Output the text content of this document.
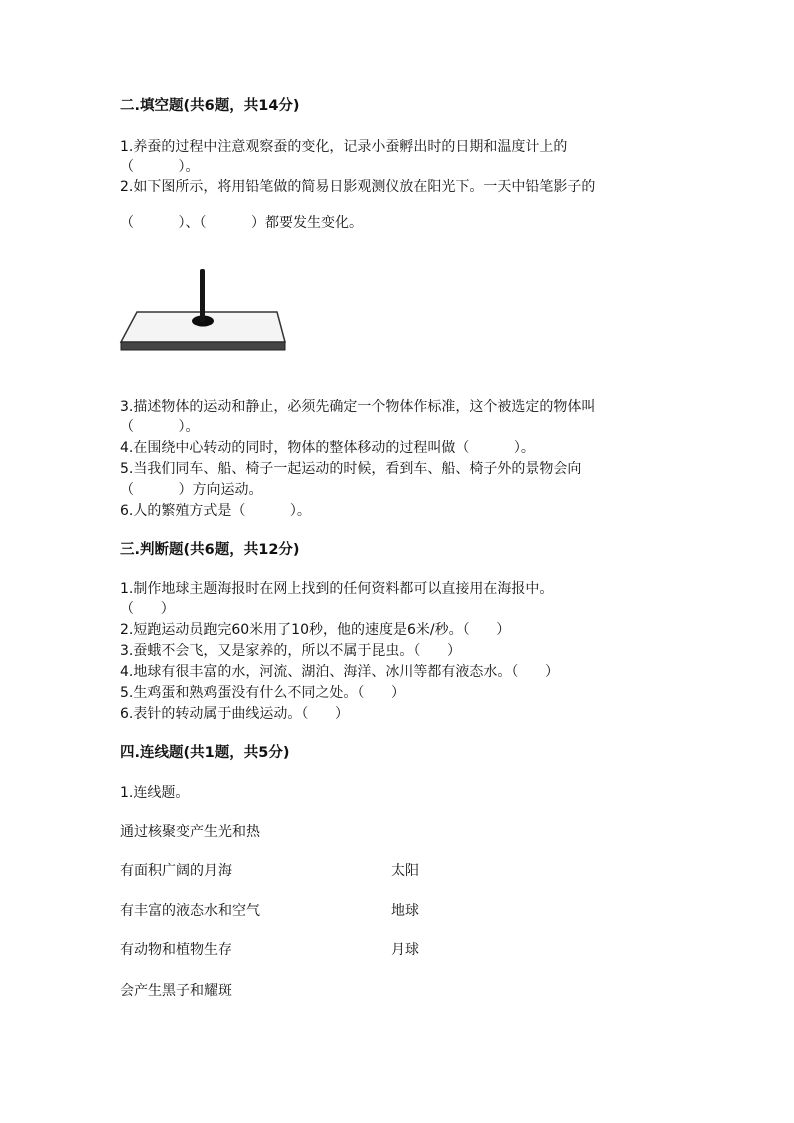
二.填空题(共6题，共14分)
1.养蚕的过程中注意观察蚕的变化，记录小蚕孵出时的日期和温度计上的
（          ）。
2.如下图所示，将用铅笔做的简易日影观测仪放在阳光下。一天中铅笔影子的
（          ）、（          ）都要发生变化。
3.描述物体的运动和静止，必须先确定一个物体作标准，这个被选定的物体叫
（          ）。
4.在围绕中心转动的同时，物体的整体移动的过程叫做（          ）。
5.当我们同车、船、椅子一起运动的时候，看到车、船、椅子外的景物会向
（          ）方向运动。
6.人的繁殖方式是（          ）。
三.判断题(共6题，共12分)
1.制作地球主题海报时在网上找到的任何资料都可以直接用在海报中。
（      ）
2.短跑运动员跑完60米用了10秒，他的速度是6米/秒。（      ）
3.蚕蛾不会飞，又是家养的，所以不属于昆虫。（      ）
4.地球有很丰富的水，河流、湖泊、海洋、冰川等都有液态水。（      ）
5.生鸡蛋和熟鸡蛋没有什么不同之处。（      ）
6.表针的转动属于曲线运动。（      ）
四.连线题(共1题，共5分)
1.连线题。
通过核聚变产生光和热
有面积广阔的月海	太阳
有丰富的液态水和空气	地球
有动物和植物生存	月球
会产生黑子和耀斑
